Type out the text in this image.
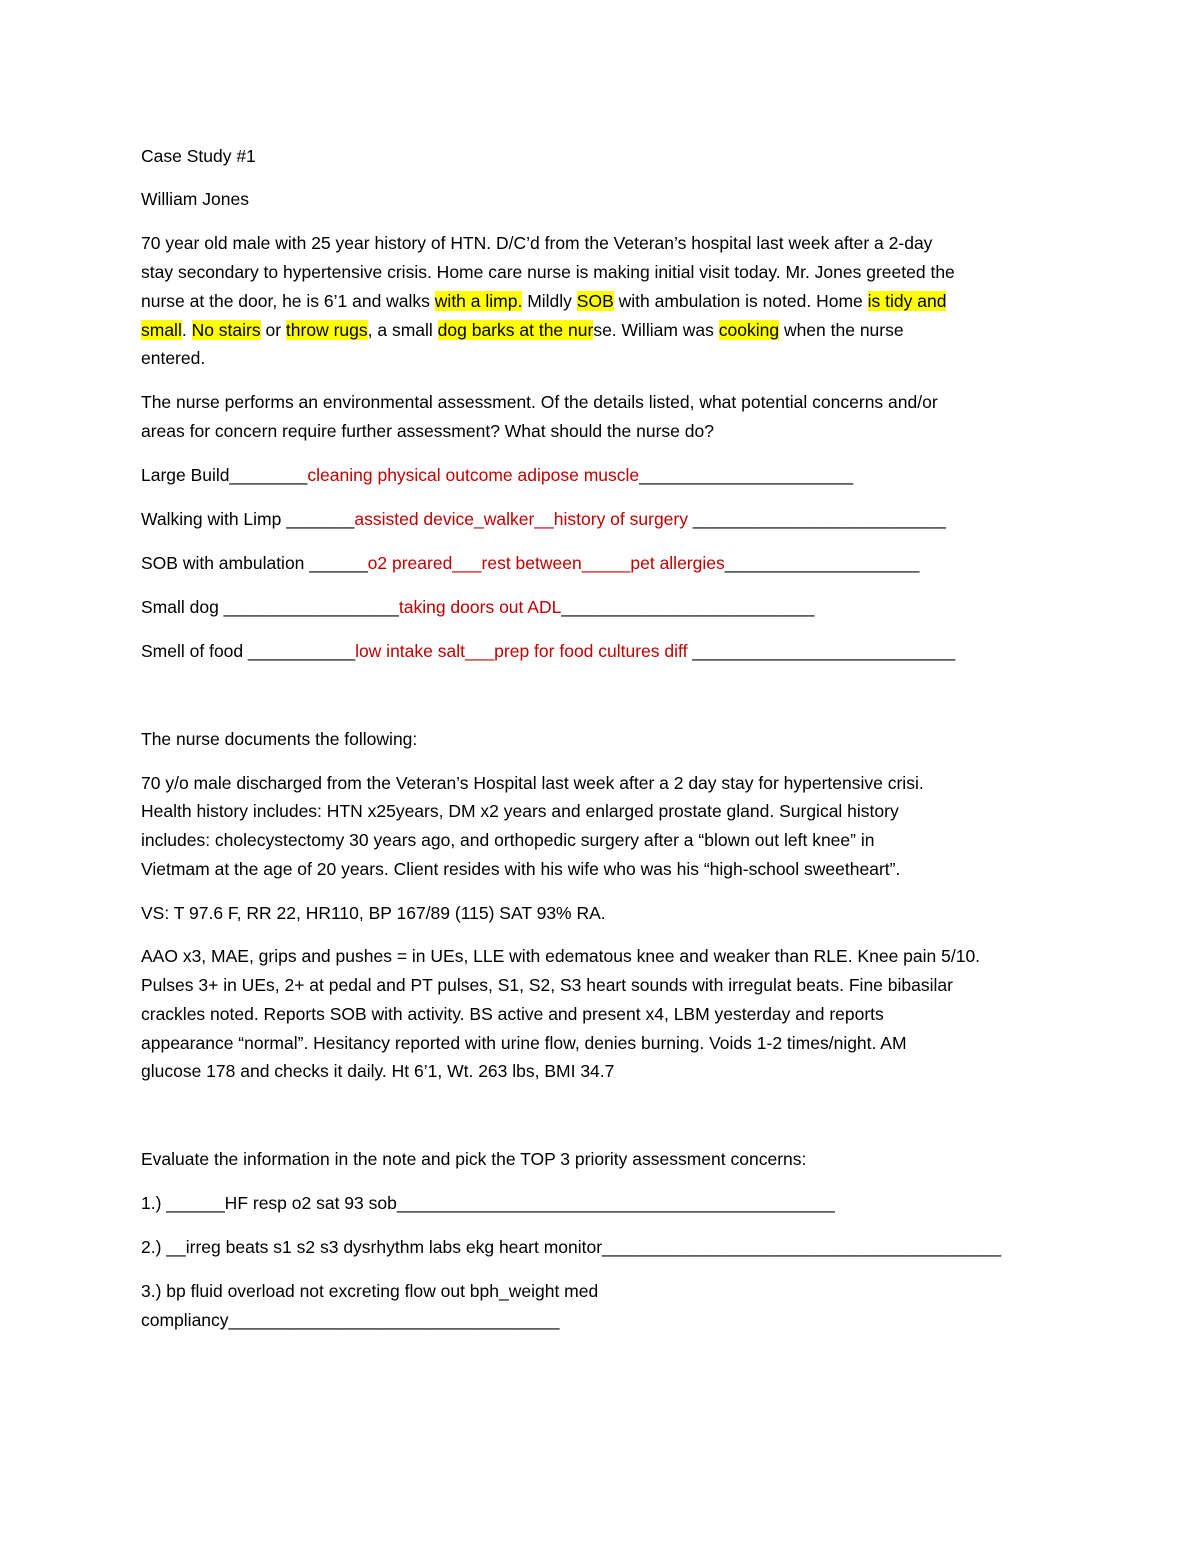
Case Study #1

William Jones

70 year old male with 25 year history of HTN. D/C’d from the Veteran’s hospital last week after a 2-day

stay secondary to hypertensive crisis. Home care nurse is making initial visit today. Mr. Jones greeted the

nurse at the door, he is 6’1 and walks with a limp. Mildly SOB with ambulation is noted. Home is tidy and

small. No stairs or throw rugs, a small dog barks at the nurse. William was cooking when the nurse

entered.

The nurse performs an environmental assessment. Of the details listed, what potential concerns and/or

areas for concern require further assessment? What should the nurse do?

Large Build________cleaning physical outcome adipose muscle______________________

Walking with Limp _______assisted device_walker__history of surgery __________________________

SOB with ambulation ______o2 preared___rest between_____pet allergies____________________

Small dog __________________taking doors out ADL__________________________

Smell of food ___________low intake salt___prep for food cultures diff ___________________________

The nurse documents the following:

70 y/o male discharged from the Veteran’s Hospital last week after a 2 day stay for hypertensive crisi.

Health history includes: HTN x25years, DM x2 years and enlarged prostate gland. Surgical history

includes: cholecystectomy 30 years ago, and orthopedic surgery after a “blown out left knee” in

Vietmam at the age of 20 years. Client resides with his wife who was his “high-school sweetheart”.

VS: T 97.6 F, RR 22, HR110, BP 167/89 (115) SAT 93% RA.

AAO x3, MAE, grips and pushes = in UEs, LLE with edematous knee and weaker than RLE. Knee pain 5/10.

Pulses 3+ in UEs, 2+ at pedal and PT pulses, S1, S2, S3 heart sounds with irregulat beats. Fine bibasilar

crackles noted. Reports SOB with activity. BS active and present x4, LBM yesterday and reports

appearance “normal”. Hesitancy reported with urine flow, denies burning. Voids 1-2 times/night. AM

glucose 178 and checks it daily. Ht 6’1, Wt. 263 lbs, BMI 34.7

Evaluate the information in the note and pick the TOP 3 priority assessment concerns:

1.) ______HF resp o2 sat 93 sob_____________________________________________

2.) __irreg beats s1 s2 s3 dysrhythm labs ekg heart monitor_________________________________________

3.) bp fluid overload not excreting flow out bph_weight med

compliancy__________________________________
